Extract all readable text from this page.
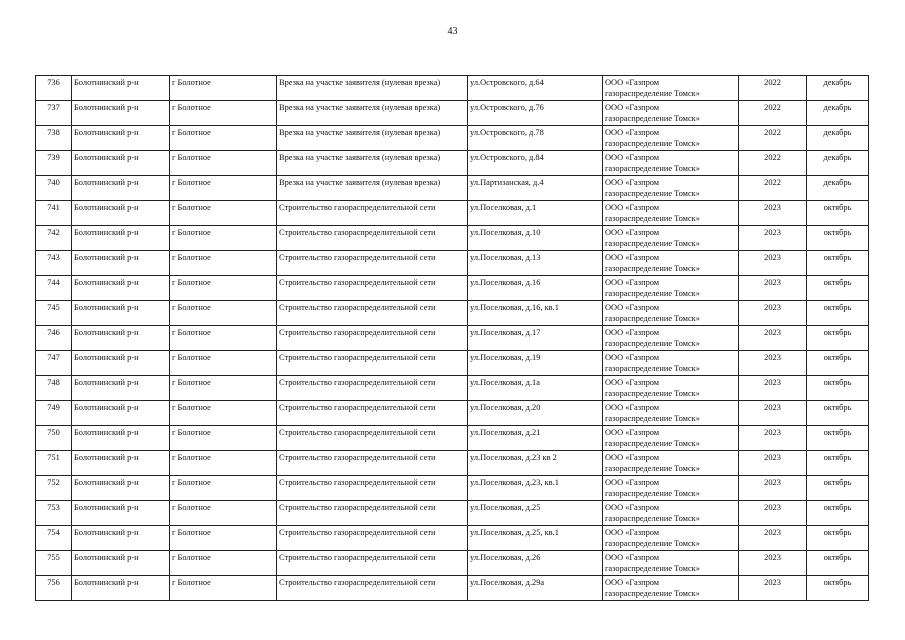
43
736	Болотнинский р-н	г Болотное	Врезка на участке заявителя (нулевая врезка)	ул.Островского, д.64	ООО «Газпром
газораспределение Томск»	2022	декабрь
737	Болотнинский р-н	г Болотное	Врезка на участке заявителя (нулевая врезка)	ул.Островского, д.76	ООО «Газпром
газораспределение Томск»	2022	декабрь
738	Болотнинский р-н	г Болотное	Врезка на участке заявителя (нулевая врезка)	ул.Островского, д.78	ООО «Газпром
газораспределение Томск»	2022	декабрь
739	Болотнинский р-н	г Болотное	Врезка на участке заявителя (нулевая врезка)	ул.Островского, д.84	ООО «Газпром
газораспределение Томск»	2022	декабрь
740	Болотнинский р-н	г Болотное	Врезка на участке заявителя (нулевая врезка)	ул.Партизанская, д.4	ООО «Газпром
газораспределение Томск»	2022	декабрь
741	Болотнинский р-н	г Болотное	Строительство газораспределительной сети	ул.Поселковая, д.1	ООО «Газпром
газораспределение Томск»	2023	октябрь
742	Болотнинский р-н	г Болотное	Строительство газораспределительной сети	ул.Поселковая, д.10	ООО «Газпром
газораспределение Томск»	2023	октябрь
743	Болотнинский р-н	г Болотное	Строительство газораспределительной сети	ул.Поселковая, д.13	ООО «Газпром
газораспределение Томск»	2023	октябрь
744	Болотнинский р-н	г Болотное	Строительство газораспределительной сети	ул.Поселковая, д.16	ООО «Газпром
газораспределение Томск»	2023	октябрь
745	Болотнинский р-н	г Болотное	Строительство газораспределительной сети	ул.Поселковая, д.16, кв.1	ООО «Газпром
газораспределение Томск»	2023	октябрь
746	Болотнинский р-н	г Болотное	Строительство газораспределительной сети	ул.Поселковая, д.17	ООО «Газпром
газораспределение Томск»	2023	октябрь
747	Болотнинский р-н	г Болотное	Строительство газораспределительной сети	ул.Поселковая, д.19	ООО «Газпром
газораспределение Томск»	2023	октябрь
748	Болотнинский р-н	г Болотное	Строительство газораспределительной сети	ул.Поселковая, д.1а	ООО «Газпром
газораспределение Томск»	2023	октябрь
749	Болотнинский р-н	г Болотное	Строительство газораспределительной сети	ул.Поселковая, д.20	ООО «Газпром
газораспределение Томск»	2023	октябрь
750	Болотнинский р-н	г Болотное	Строительство газораспределительной сети	ул.Поселковая, д.21	ООО «Газпром
газораспределение Томск»	2023	октябрь
751	Болотнинский р-н	г Болотное	Строительство газораспределительной сети	ул.Поселковая, д.23 кв 2	ООО «Газпром
газораспределение Томск»	2023	октябрь
752	Болотнинский р-н	г Болотное	Строительство газораспределительной сети	ул.Поселковая, д.23, кв.1	ООО «Газпром
газораспределение Томск»	2023	октябрь
753	Болотнинский р-н	г Болотное	Строительство газораспределительной сети	ул.Поселковая, д.25	ООО «Газпром
газораспределение Томск»	2023	октябрь
754	Болотнинский р-н	г Болотное	Строительство газораспределительной сети	ул.Поселковая, д.25, кв.1	ООО «Газпром
газораспределение Томск»	2023	октябрь
755	Болотнинский р-н	г Болотное	Строительство газораспределительной сети	ул.Поселковая, д.26	ООО «Газпром
газораспределение Томск»	2023	октябрь
756	Болотнинский р-н	г Болотное	Строительство газораспределительной сети	ул.Поселковая, д.29а	ООО «Газпром
газораспределение Томск»	2023	октябрь
